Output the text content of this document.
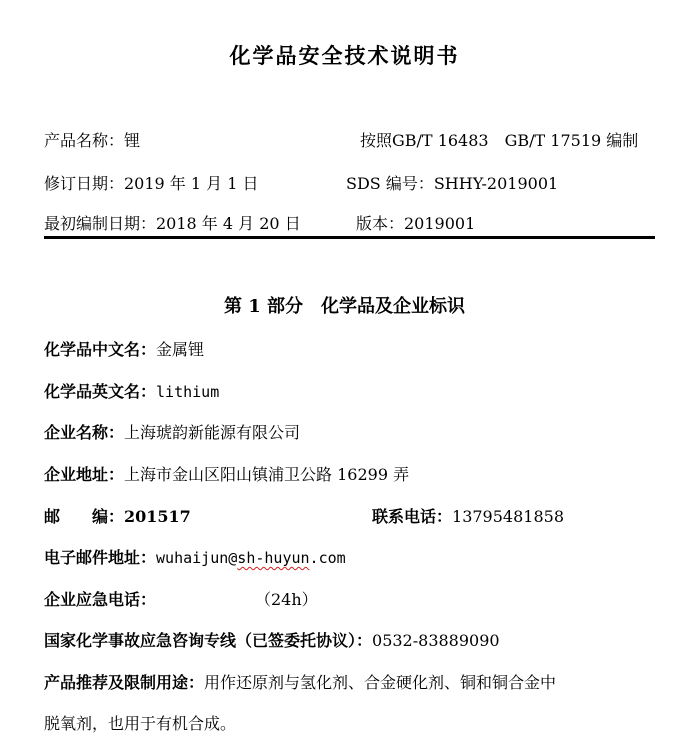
化学品安全技术说明书
产品名称：锂	按照GB/T 16483　GB/T 17519 编制
修订日期：2019 年 1 月 1 日	SDS 编号：SHHY-2019001
最初编制日期：2018 年 4 月 20 日	版本：2019001
第 1 部分　化学品及企业标识
化学品中文名：金属锂
化学品英文名：lithium
企业名称：上海琥韵新能源有限公司
企业地址：上海市金山区阳山镇浦卫公路 16299 弄
邮　　编：201517	联系电话：13795481858
电子邮件地址：wuhaijun@sh-huyun.com
企业应急电话：	（24h）
国家化学事故应急咨询专线（已签委托协议）：0532-83889090
产品推荐及限制用途：用作还原剂与氢化剂、合金硬化剂、铜和铜合金中
脱氧剂，也用于有机合成。
